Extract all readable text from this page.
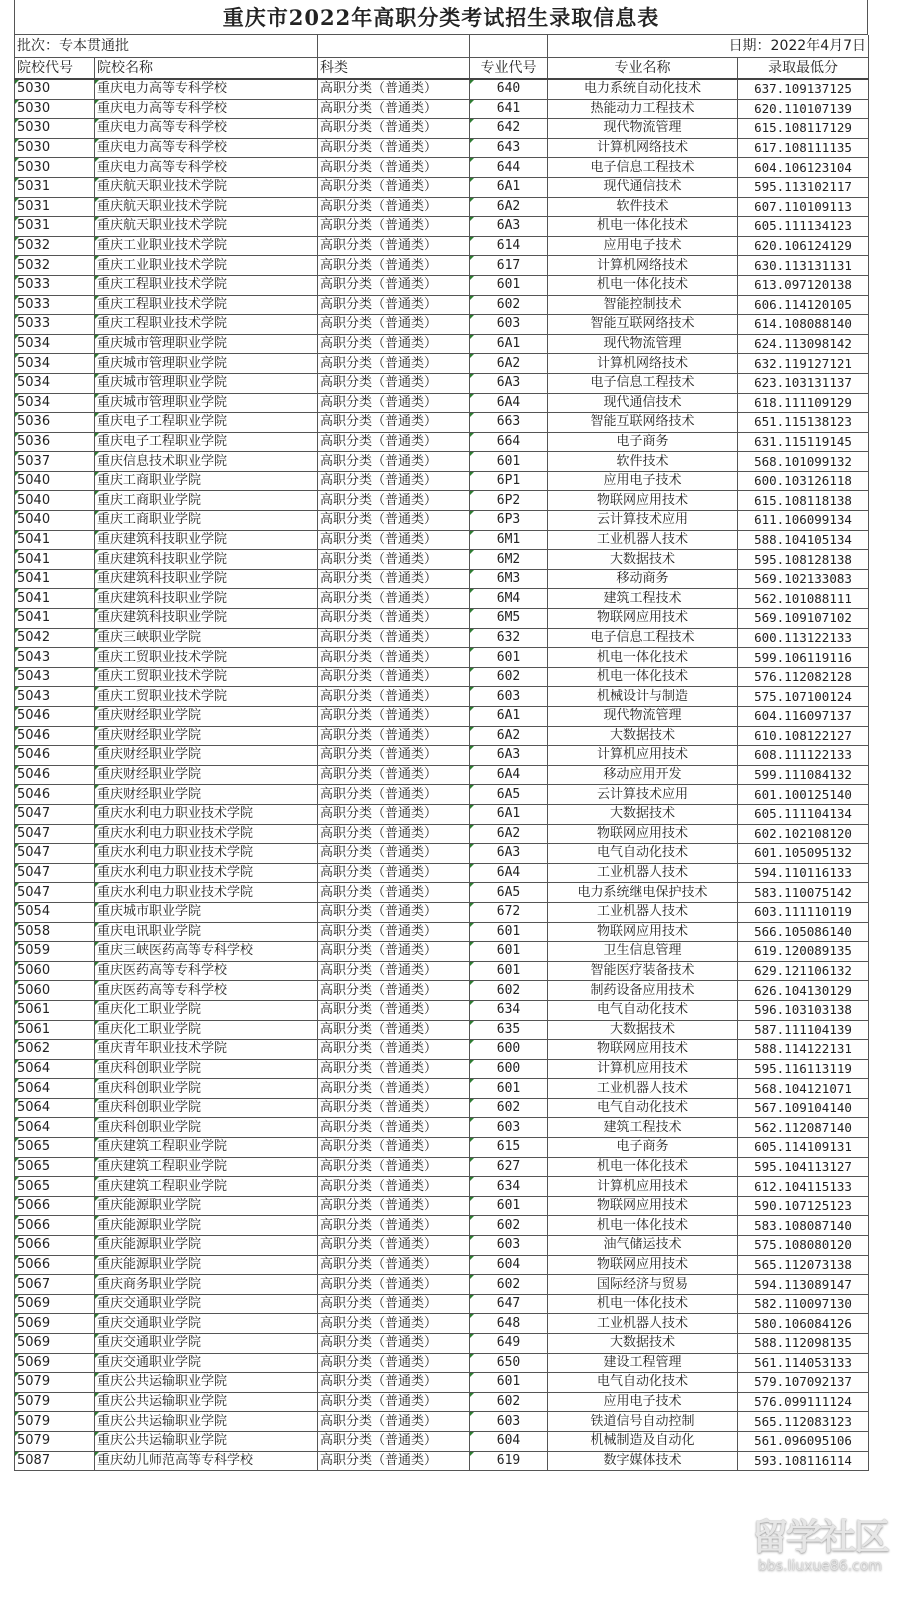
重庆市2022年高职分类考试招生录取信息表
批次：专本贯通批				日期：2022年4月7日	
院校代号	院校名称	科类	专业代号	专业名称	录取最低分
5030	重庆电力高等专科学校	高职分类（普通类）	640	电力系统自动化技术	637.109137125
5030	重庆电力高等专科学校	高职分类（普通类）	641	热能动力工程技术	620.110107139
5030	重庆电力高等专科学校	高职分类（普通类）	642	现代物流管理	615.108117129
5030	重庆电力高等专科学校	高职分类（普通类）	643	计算机网络技术	617.108111135
5030	重庆电力高等专科学校	高职分类（普通类）	644	电子信息工程技术	604.106123104
5031	重庆航天职业技术学院	高职分类（普通类）	6A1	现代通信技术	595.113102117
5031	重庆航天职业技术学院	高职分类（普通类）	6A2	软件技术	607.110109113
5031	重庆航天职业技术学院	高职分类（普通类）	6A3	机电一体化技术	605.111134123
5032	重庆工业职业技术学院	高职分类（普通类）	614	应用电子技术	620.106124129
5032	重庆工业职业技术学院	高职分类（普通类）	617	计算机网络技术	630.113131131
5033	重庆工程职业技术学院	高职分类（普通类）	601	机电一体化技术	613.097120138
5033	重庆工程职业技术学院	高职分类（普通类）	602	智能控制技术	606.114120105
5033	重庆工程职业技术学院	高职分类（普通类）	603	智能互联网络技术	614.108088140
5034	重庆城市管理职业学院	高职分类（普通类）	6A1	现代物流管理	624.113098142
5034	重庆城市管理职业学院	高职分类（普通类）	6A2	计算机网络技术	632.119127121
5034	重庆城市管理职业学院	高职分类（普通类）	6A3	电子信息工程技术	623.103131137
5034	重庆城市管理职业学院	高职分类（普通类）	6A4	现代通信技术	618.111109129
5036	重庆电子工程职业学院	高职分类（普通类）	663	智能互联网络技术	651.115138123
5036	重庆电子工程职业学院	高职分类（普通类）	664	电子商务	631.115119145
5037	重庆信息技术职业学院	高职分类（普通类）	601	软件技术	568.101099132
5040	重庆工商职业学院	高职分类（普通类）	6P1	应用电子技术	600.103126118
5040	重庆工商职业学院	高职分类（普通类）	6P2	物联网应用技术	615.108118138
5040	重庆工商职业学院	高职分类（普通类）	6P3	云计算技术应用	611.106099134
5041	重庆建筑科技职业学院	高职分类（普通类）	6M1	工业机器人技术	588.104105134
5041	重庆建筑科技职业学院	高职分类（普通类）	6M2	大数据技术	595.108128138
5041	重庆建筑科技职业学院	高职分类（普通类）	6M3	移动商务	569.102133083
5041	重庆建筑科技职业学院	高职分类（普通类）	6M4	建筑工程技术	562.101088111
5041	重庆建筑科技职业学院	高职分类（普通类）	6M5	物联网应用技术	569.109107102
5042	重庆三峡职业学院	高职分类（普通类）	632	电子信息工程技术	600.113122133
5043	重庆工贸职业技术学院	高职分类（普通类）	601	机电一体化技术	599.106119116
5043	重庆工贸职业技术学院	高职分类（普通类）	602	机电一体化技术	576.112082128
5043	重庆工贸职业技术学院	高职分类（普通类）	603	机械设计与制造	575.107100124
5046	重庆财经职业学院	高职分类（普通类）	6A1	现代物流管理	604.116097137
5046	重庆财经职业学院	高职分类（普通类）	6A2	大数据技术	610.108122127
5046	重庆财经职业学院	高职分类（普通类）	6A3	计算机应用技术	608.111122133
5046	重庆财经职业学院	高职分类（普通类）	6A4	移动应用开发	599.111084132
5046	重庆财经职业学院	高职分类（普通类）	6A5	云计算技术应用	601.100125140
5047	重庆水利电力职业技术学院	高职分类（普通类）	6A1	大数据技术	605.111104134
5047	重庆水利电力职业技术学院	高职分类（普通类）	6A2	物联网应用技术	602.102108120
5047	重庆水利电力职业技术学院	高职分类（普通类）	6A3	电气自动化技术	601.105095132
5047	重庆水利电力职业技术学院	高职分类（普通类）	6A4	工业机器人技术	594.110116133
5047	重庆水利电力职业技术学院	高职分类（普通类）	6A5	电力系统继电保护技术	583.110075142
5054	重庆城市职业学院	高职分类（普通类）	672	工业机器人技术	603.111110119
5058	重庆电讯职业学院	高职分类（普通类）	601	物联网应用技术	566.105086140
5059	重庆三峡医药高等专科学校	高职分类（普通类）	601	卫生信息管理	619.120089135
5060	重庆医药高等专科学校	高职分类（普通类）	601	智能医疗装备技术	629.121106132
5060	重庆医药高等专科学校	高职分类（普通类）	602	制药设备应用技术	626.104130129
5061	重庆化工职业学院	高职分类（普通类）	634	电气自动化技术	596.103103138
5061	重庆化工职业学院	高职分类（普通类）	635	大数据技术	587.111104139
5062	重庆青年职业技术学院	高职分类（普通类）	600	物联网应用技术	588.114122131
5064	重庆科创职业学院	高职分类（普通类）	600	计算机应用技术	595.116113119
5064	重庆科创职业学院	高职分类（普通类）	601	工业机器人技术	568.104121071
5064	重庆科创职业学院	高职分类（普通类）	602	电气自动化技术	567.109104140
5064	重庆科创职业学院	高职分类（普通类）	603	建筑工程技术	562.112087140
5065	重庆建筑工程职业学院	高职分类（普通类）	615	电子商务	605.114109131
5065	重庆建筑工程职业学院	高职分类（普通类）	627	机电一体化技术	595.104113127
5065	重庆建筑工程职业学院	高职分类（普通类）	634	计算机应用技术	612.104115133
5066	重庆能源职业学院	高职分类（普通类）	601	物联网应用技术	590.107125123
5066	重庆能源职业学院	高职分类（普通类）	602	机电一体化技术	583.108087140
5066	重庆能源职业学院	高职分类（普通类）	603	油气储运技术	575.108080120
5066	重庆能源职业学院	高职分类（普通类）	604	物联网应用技术	565.112073138
5067	重庆商务职业学院	高职分类（普通类）	602	国际经济与贸易	594.113089147
5069	重庆交通职业学院	高职分类（普通类）	647	机电一体化技术	582.110097130
5069	重庆交通职业学院	高职分类（普通类）	648	工业机器人技术	580.106084126
5069	重庆交通职业学院	高职分类（普通类）	649	大数据技术	588.112098135
5069	重庆交通职业学院	高职分类（普通类）	650	建设工程管理	561.114053133
5079	重庆公共运输职业学院	高职分类（普通类）	601	电气自动化技术	579.107092137
5079	重庆公共运输职业学院	高职分类（普通类）	602	应用电子技术	576.099111124
5079	重庆公共运输职业学院	高职分类（普通类）	603	铁道信号自动控制	565.112083123
5079	重庆公共运输职业学院	高职分类（普通类）	604	机械制造及自动化	561.096095106
5087	重庆幼儿师范高等专科学校	高职分类（普通类）	619	数字媒体技术	593.108116114
留学社区
bbs.liuxue86.com
